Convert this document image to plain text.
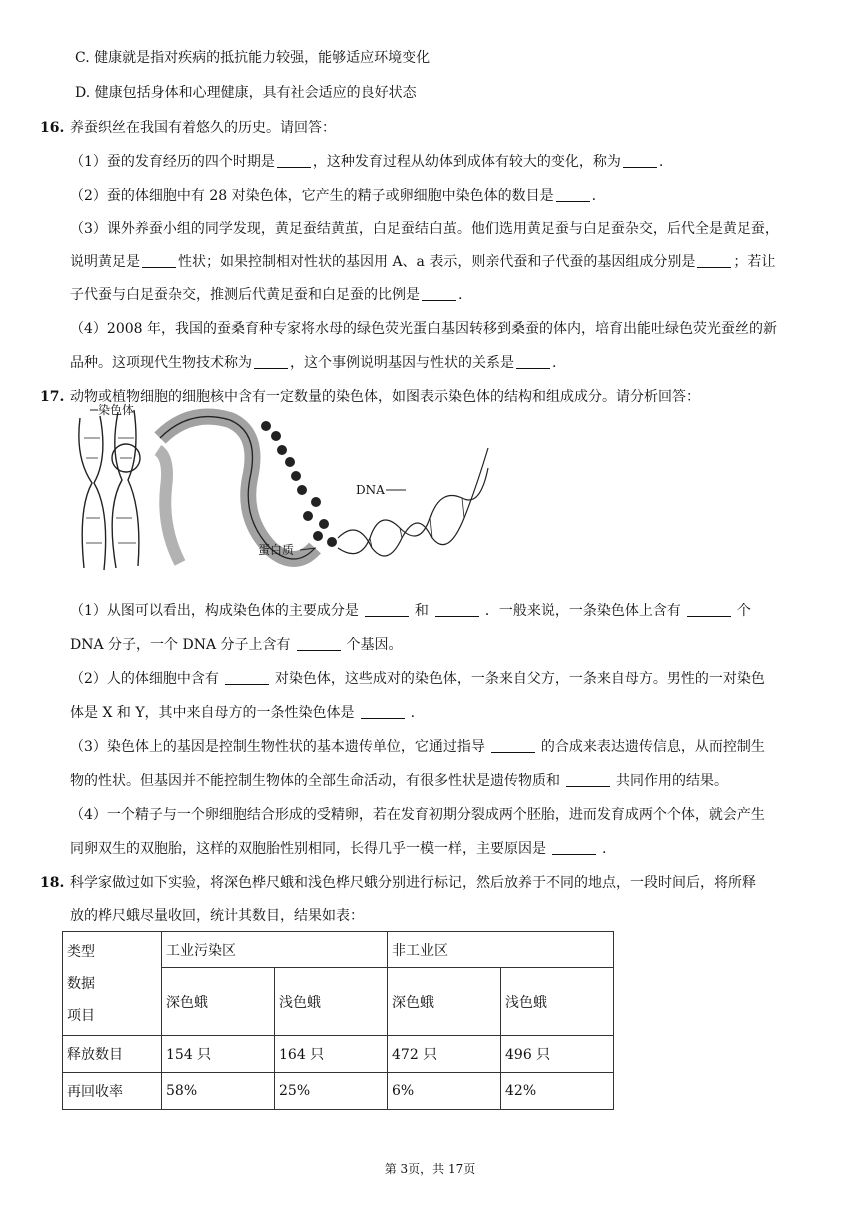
C. 健康就是指对疾病的抵抗能力较强，能够适应环境变化
D. 健康包括身体和心理健康，具有社会适应的良好状态
16. 养蚕织丝在我国有着悠久的历史。请回答：
（1）蚕的发育经历的四个时期是	，这种发育过程从幼体到成体有较大的变化，称为	.
（2）蚕的体细胞中有 28 对染色体，它产生的精子或卵细胞中染色体的数目是	.
（3）课外养蚕小组的同学发现，黄足蚕结黄茧，白足蚕结白茧。他们选用黄足蚕与白足蚕杂交，后代全是黄足蚕，
说明黄足是	性状；如果控制相对性状的基因用 A、a 表示，则亲代蚕和子代蚕的基因组成分别是	；若让
子代蚕与白足蚕杂交，推测后代黄足蚕和白足蚕的比例是	.
（4）2008 年，我国的蚕桑育种专家将水母的绿色荧光蛋白基因转移到桑蚕的体内，培育出能吐绿色荧光蚕丝的新
品种。这项现代生物技术称为	，这个事例说明基因与性状的关系是	.
17. 动物或植物细胞的细胞核中含有一定数量的染色体，如图表示染色体的结构和组成成分。请分析回答：
染色体
DNA
蛋白质
（1）从图可以看出，构成染色体的主要成分是	和	．一般来说，一条染色体上含有	个
DNA 分子，一个 DNA 分子上含有	个基因。
（2）人的体细胞中含有	对染色体，这些成对的染色体，一条来自父方，一条来自母方。男性的一对染色
体是 X 和 Y，其中来自母方的一条性染色体是	.
（3）染色体上的基因是控制生物性状的基本遗传单位，它通过指导	的合成来表达遗传信息，从而控制生
物的性状。但基因并不能控制生物体的全部生命活动，有很多性状是遗传物质和	共同作用的结果。
（4）一个精子与一个卵细胞结合形成的受精卵，若在发育初期分裂成两个胚胎，进而发育成两个个体，就会产生
同卵双生的双胞胎，这样的双胞胎性别相同，长得几乎一模一样，主要原因是	.
18. 科学家做过如下实验，将深色桦尺蛾和浅色桦尺蛾分别进行标记，然后放养于不同的地点，一段时间后，将所释
放的桦尺蛾尽量收回，统计其数目，结果如表：
类型
数据
项目	工业污染区		非工业区	
	深色蛾	浅色蛾	深色蛾	浅色蛾
释放数目	154 只	164 只	472 只	496 只
再回收率	58%	25%	6%	42%
第 3页，共 17页
